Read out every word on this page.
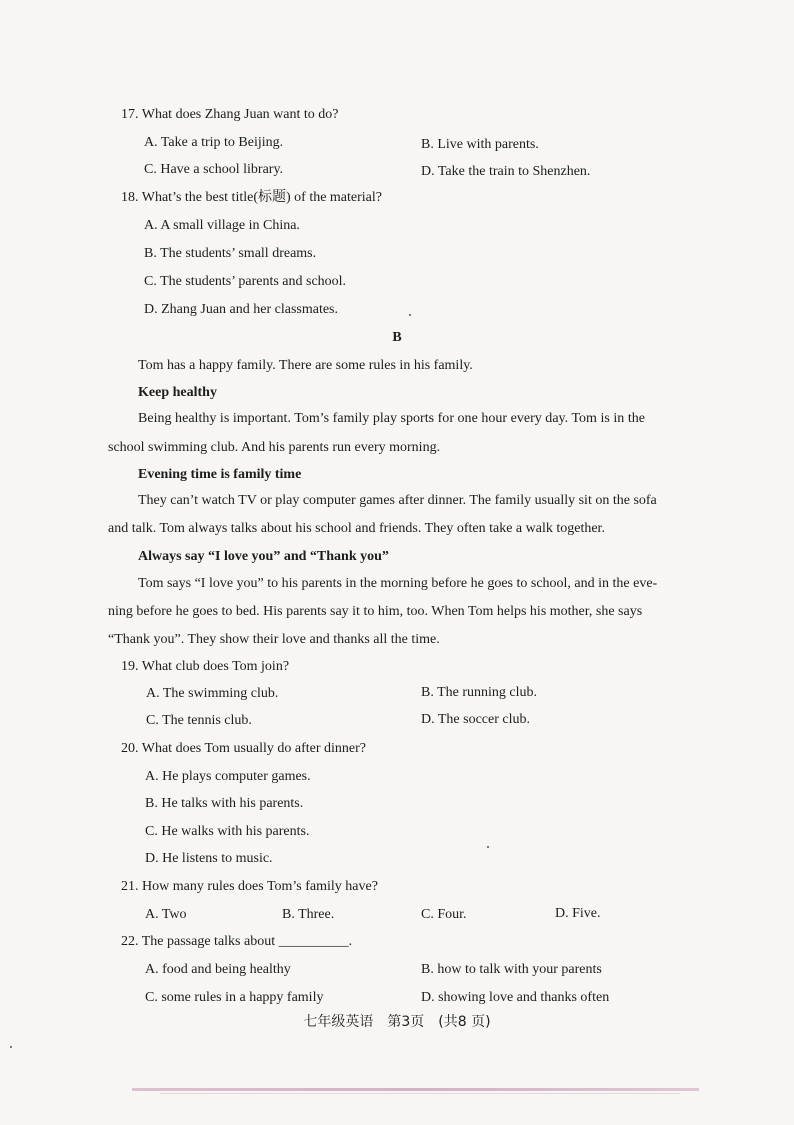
17. What does Zhang Juan want to do?
A. Take a trip to Beijing.	B. Live with parents.
C. Have a school library.	D. Take the train to Shenzhen.
18. What’s the best title(标题) of the material?
A. A small village in China.
B. The students’ small dreams.
C. The students’ parents and school.
D. Zhang Juan and her classmates.
B
Tom has a happy family. There are some rules in his family.
Keep healthy
Being healthy is important. Tom’s family play sports for one hour every day. Tom is in the
school swimming club. And his parents run every morning.
Evening time is family time
They can’t watch TV or play computer games after dinner. The family usually sit on the sofa
and talk. Tom always talks about his school and friends. They often take a walk together.
Always say “I love you” and “Thank you”
Tom says “I love you” to his parents in the morning before he goes to school, and in the eve-
ning before he goes to bed. His parents say it to him, too. When Tom helps his mother, she says
“Thank you”. They show their love and thanks all the time.
19. What club does Tom join?
A. The swimming club.	B. The running club.
C. The tennis club.	D. The soccer club.
20. What does Tom usually do after dinner?
A. He plays computer games.
B. He talks with his parents.
C. He walks with his parents.
D. He listens to music.
21. How many rules does Tom’s family have?
A. Two	B. Three.	C. Four.	D. Five.
22. The passage talks about __________.
A. food and being healthy	B. how to talk with your parents
C. some rules in a happy family	D. showing love and thanks often
七年级英语　第3页　(共8 页)
